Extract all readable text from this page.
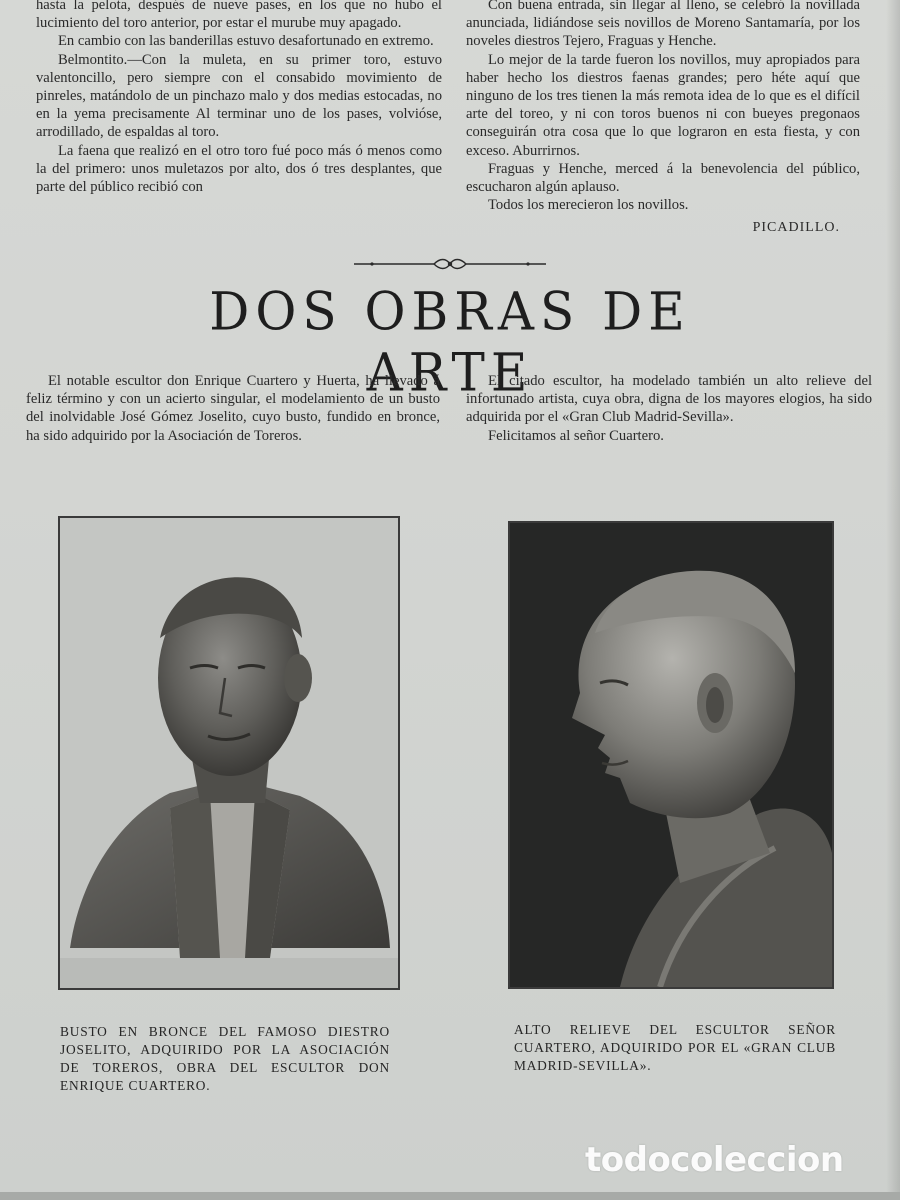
hasta la pelota, después de nueve pases, en los que no hubo el lucimiento del toro anterior, por estar el murube muy apagado.

En cambio con las banderillas estuvo desafortunado en extremo.

Belmontito.—Con la muleta, en su primer toro, estuvo valentoncillo, pero siempre con el consabido movimiento de pinreles, matándolo de un pinchazo malo y dos medias estocadas, no en la yema precisamente Al terminar uno de los pases, volvióse, arrodillado, de espaldas al toro.

La faena que realizó en el otro toro fué poco más ó menos como la del primero: unos muletazos por alto, dos ó tres desplantes, que parte del público recibió con

Con buena entrada, sin llegar al lleno, se celebró la novillada anunciada, lidiándose seis novillos de Moreno Santamaría, por los noveles diestros Tejero, Fraguas y Henche.

Lo mejor de la tarde fueron los novillos, muy apropiados para haber hecho los diestros faenas grandes; pero héte aquí que ninguno de los tres tienen la más remota idea de lo que es el difícil arte del toreo, y ni con toros buenos ni con bueyes pregonaos conseguirán otra cosa que lo que lograron en esta fiesta, y con exceso. Aburrirnos.

Fraguas y Henche, merced á la benevolencia del público, escucharon algún aplauso.

Todos los merecieron los novillos.

PICADILLO.
DOS OBRAS DE ARTE

El notable escultor don Enrique Cuartero y Huerta, ha llevado á feliz término y con un acierto singular, el modelamiento de un busto del inolvidable José Gómez Joselito, cuyo busto, fundido en bronce, ha sido adquirido por la Asociación de Toreros.

El citado escultor, ha modelado también un alto relieve del infortunado artista, cuya obra, digna de los mayores elogios, ha sido adquirida por el «Gran Club Madrid-Sevilla».

Felicitamos al señor Cuartero.

BUSTO EN BRONCE DEL FAMOSO DIESTRO JOSELITO, ADQUIRIDO POR LA ASOCIACIÓN DE TOREROS, OBRA DEL ESCULTOR DON ENRIQUE CUARTERO.
ALTO RELIEVE DEL ESCULTOR SEÑOR CUARTERO, ADQUIRIDO POR EL «GRAN CLUB MADRID-SEVILLA».
todocoleccion
